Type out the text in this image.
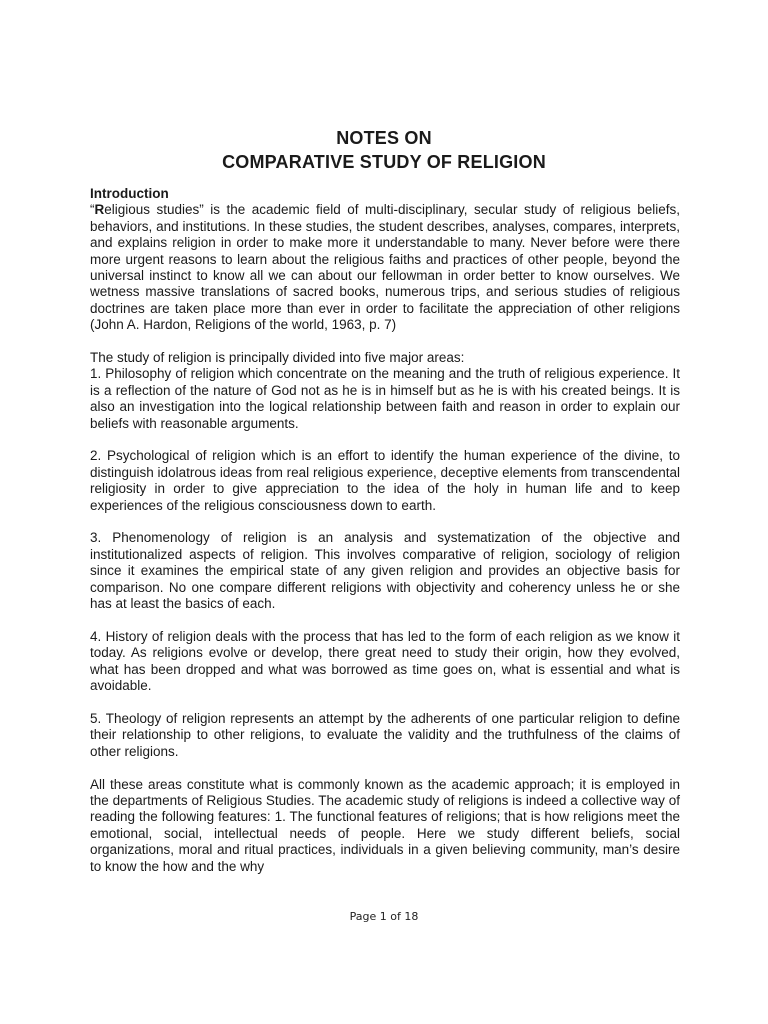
NOTES ON
COMPARATIVE STUDY OF RELIGION

Introduction

“Religious studies” is the academic field of multi-disciplinary, secular study of religious beliefs, behaviors, and institutions. In these studies, the student describes, analyses, compares, interprets, and explains religion in order to make more it understandable to many. Never before were there more urgent reasons to learn about the religious faiths and practices of other people, beyond the universal instinct to know all we can about our fellowman in order better to know ourselves. We wetness massive translations of sacred books, numerous trips, and serious studies of religious doctrines are taken place more than ever in order to facilitate the appreciation of other religions (John A. Hardon, Religions of the world, 1963, p. 7)

The study of religion is principally divided into five major areas:

1. Philosophy of religion which concentrate on the meaning and the truth of religious experience. It is a reflection of the nature of God not as he is in himself but as he is with his created beings. It is also an investigation into the logical relationship between faith and reason in order to explain our beliefs with reasonable arguments.

2. Psychological of religion which is an effort to identify the human experience of the divine, to distinguish idolatrous ideas from real religious experience, deceptive elements from transcendental religiosity in order to give appreciation to the idea of the holy in human life and to keep experiences of the religious consciousness down to earth.

3. Phenomenology of religion is an analysis and systematization of the objective and institutionalized aspects of religion. This involves comparative of religion, sociology of religion since it examines the empirical state of any given religion and provides an objective basis for comparison. No one compare different religions with objectivity and coherency unless he or she has at least the basics of each.

4. History of religion deals with the process that has led to the form of each religion as we know it today. As religions evolve or develop, there great need to study their origin, how they evolved, what has been dropped and what was borrowed as time goes on, what is essential and what is avoidable.

5. Theology of religion represents an attempt by the adherents of one particular religion to define their relationship to other religions, to evaluate the validity and the truthfulness of the claims of other religions.

All these areas constitute what is commonly known as the academic approach; it is employed in the departments of Religious Studies. The academic study of religions is indeed a collective way of reading the following features: 1. The functional features of religions; that is how religions meet the emotional, social, intellectual needs of people. Here we study different beliefs, social organizations, moral and ritual practices, individuals in a given believing community, man’s desire to know the how and the why

Page 1 of 18
